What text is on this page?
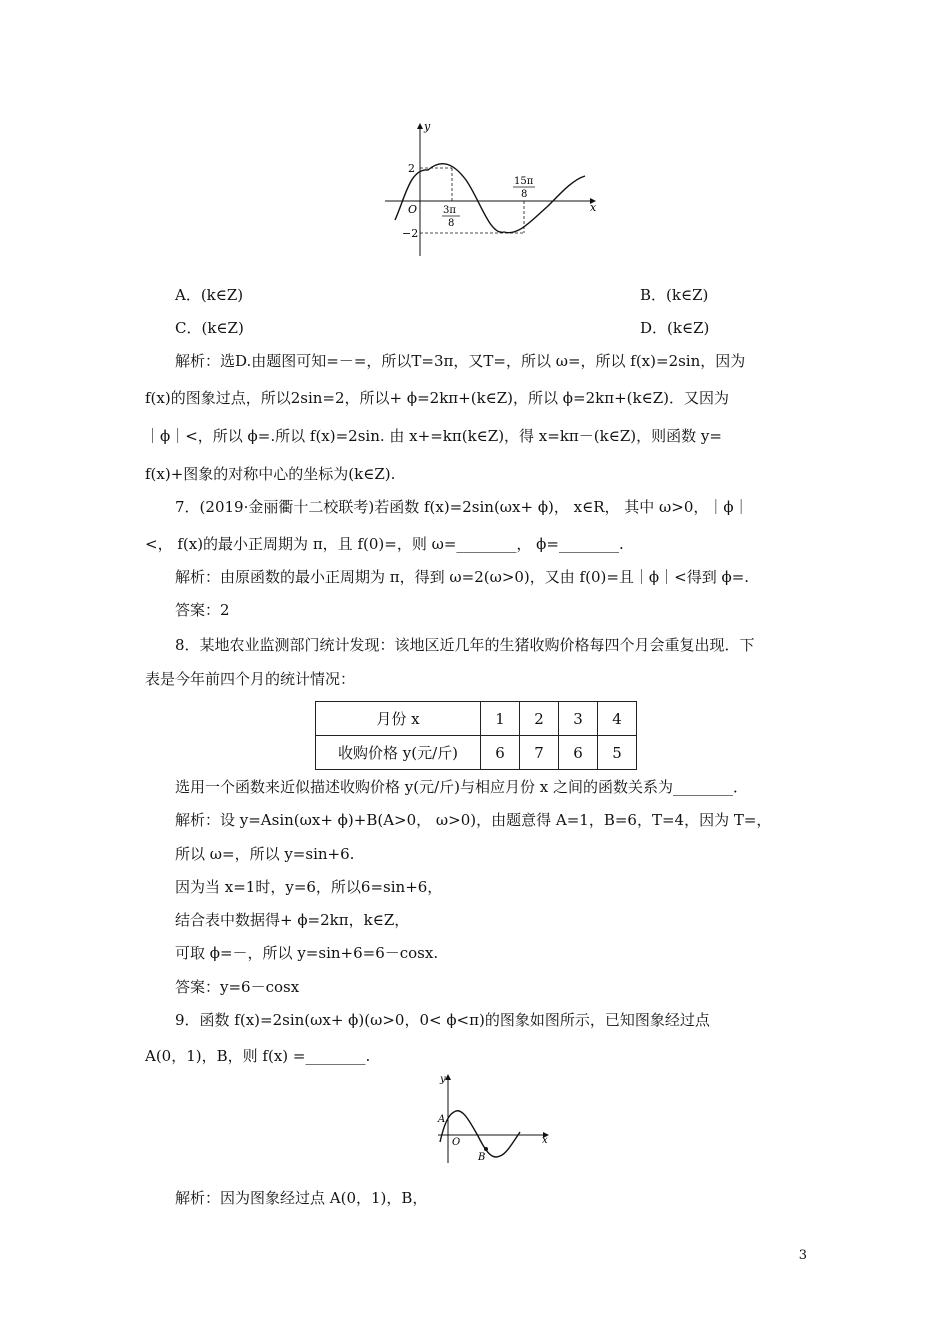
y
x
O
2
−2
3π
8
15π
8
A．(k∈Z)	B．(k∈Z)
C．(k∈Z)	D．(k∈Z)
解析：选D.由题图可知=－=，所以T=3π，又T=，所以 ω=，所以 f(x)=2sin，因为
f(x)的图象过点，所以2sin=2，所以+ ϕ=2kπ+(k∈Z)，所以 ϕ=2kπ+(k∈Z)．又因为
｜ϕ｜<，所以 ϕ=.所以 f(x)=2sin. 由 x+=kπ(k∈Z)，得 x=kπ－(k∈Z)，则函数 y=
f(x)+图象的对称中心的坐标为(k∈Z).
7．(2019·金丽衢十二校联考)若函数 f(x)=2sin(ωx+ ϕ)， x∈R， 其中 ω>0，｜ϕ｜
<， f(x)的最小正周期为 π，且 f(0)=，则 ω=________， ϕ=________.
解析：由原函数的最小正周期为 π，得到 ω=2(ω>0)，又由 f(0)=且｜ϕ｜<得到 ϕ=.
答案：2
8．某地农业监测部门统计发现：该地区近几年的生猪收购价格每四个月会重复出现．下
表是今年前四个月的统计情况：
月份 x	1	2	3	4
收购价格 y(元/斤)	6	7	6	5
选用一个函数来近似描述收购价格 y(元/斤)与相应月份 x 之间的函数关系为________．
解析：设 y=Asin(ωx+ ϕ)+B(A>0， ω>0)，由题意得 A=1，B=6，T=4，因为 T=，
所以 ω=，所以 y=sin+6.
因为当 x=1时，y=6，所以6=sin+6，
结合表中数据得+ ϕ=2kπ，k∈Z，
可取 ϕ=－，所以 y=sin+6=6－cosx.
答案：y=6－cosx
9．函数 f(x)=2sin(ωx+ ϕ)(ω>0，0< ϕ<π)的图象如图所示，已知图象经过点
A(0，1)，B，则 f(x) =________.
y
x
O
A
B
解析：因为图象经过点 A(0，1)，B，
3
